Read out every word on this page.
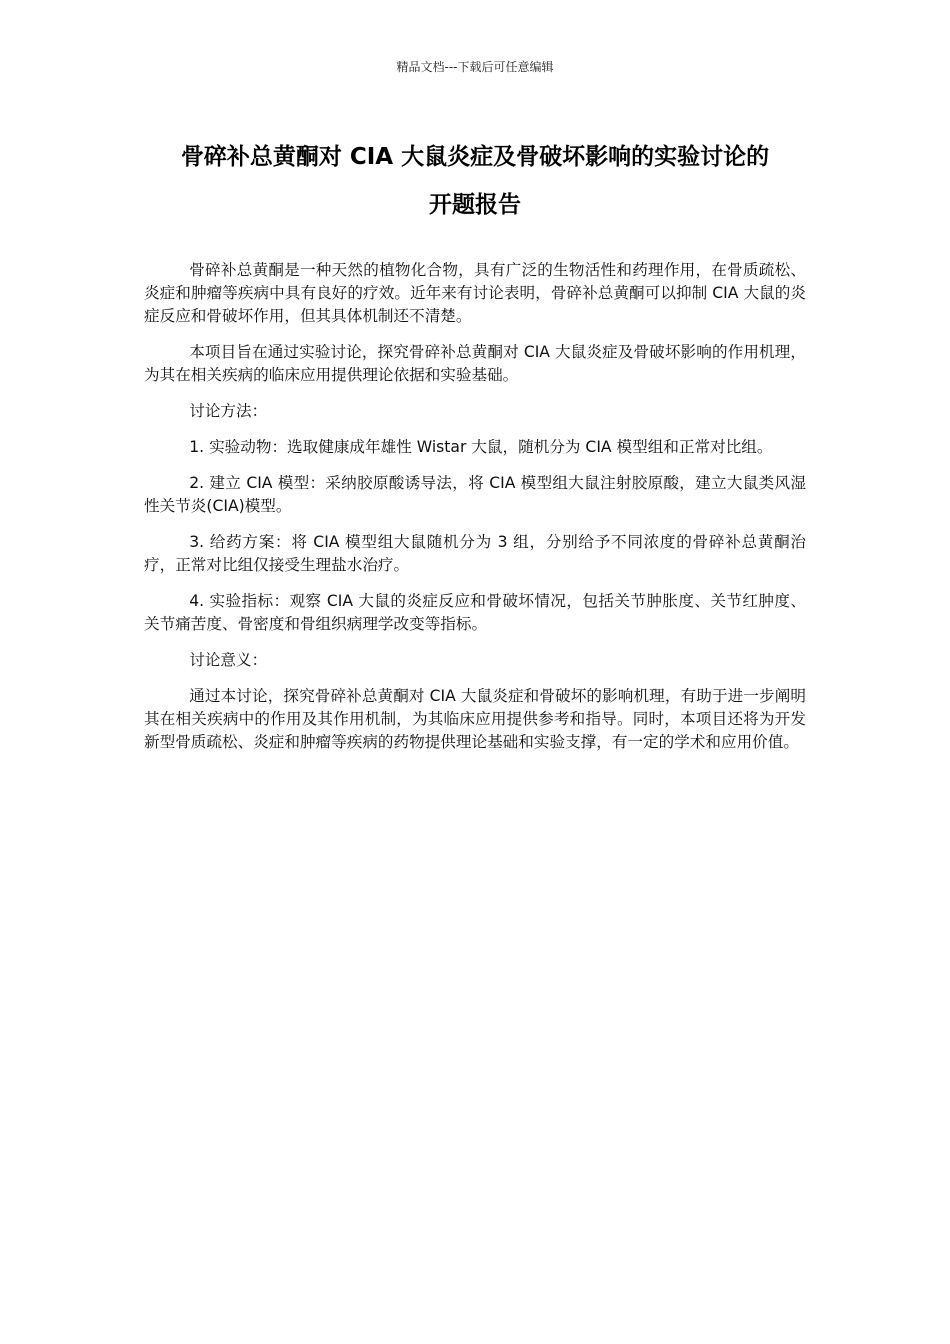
精品文档---下载后可任意编辑
骨碎补总黄酮对 CIA 大鼠炎症及骨破坏影响的实验讨论的
开题报告

骨碎补总黄酮是一种天然的植物化合物，具有广泛的生物活性和药理作用，在骨质疏松、炎症和肿瘤等疾病中具有良好的疗效。近年来有讨论表明，骨碎补总黄酮可以抑制 CIA 大鼠的炎症反应和骨破坏作用，但其具体机制还不清楚。

本项目旨在通过实验讨论，探究骨碎补总黄酮对 CIA 大鼠炎症及骨破坏影响的作用机理，为其在相关疾病的临床应用提供理论依据和实验基础。

讨论方法：

1. 实验动物：选取健康成年雄性 Wistar 大鼠，随机分为 CIA 模型组和正常对比组。

2. 建立 CIA 模型：采纳胶原酸诱导法，将 CIA 模型组大鼠注射胶原酸，建立大鼠类风湿性关节炎(CIA)模型。

3. 给药方案：将 CIA 模型组大鼠随机分为 3 组，分别给予不同浓度的骨碎补总黄酮治疗，正常对比组仅接受生理盐水治疗。

4. 实验指标：观察 CIA 大鼠的炎症反应和骨破坏情况，包括关节肿胀度、关节红肿度、关节痛苦度、骨密度和骨组织病理学改变等指标。

讨论意义：

通过本讨论，探究骨碎补总黄酮对 CIA 大鼠炎症和骨破坏的影响机理，有助于进一步阐明其在相关疾病中的作用及其作用机制，为其临床应用提供参考和指导。同时，本项目还将为开发新型骨质疏松、炎症和肿瘤等疾病的药物提供理论基础和实验支撑，有一定的学术和应用价值。
